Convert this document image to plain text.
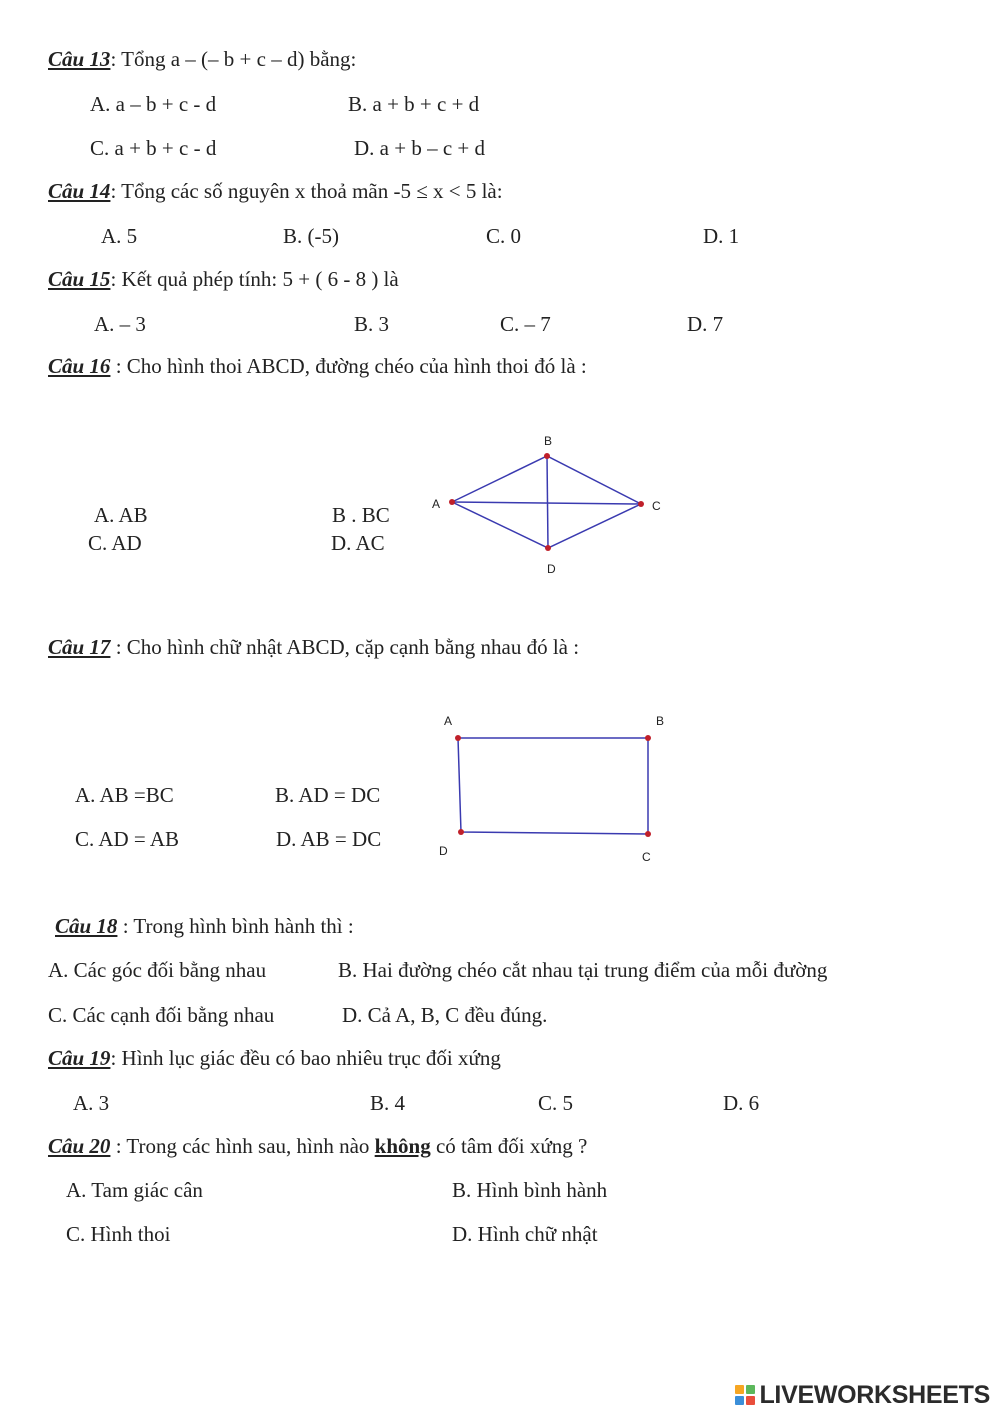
Câu 13: Tổng a – (– b + c – d) bằng:
A. a – b + c - d	B. a + b + c + d
C. a + b + c - d	D. a + b – c + d
Câu 14: Tổng các số nguyên x thoả mãn -5 ≤ x < 5 là:
A. 5	B. (-5)	C. 0	D. 1
Câu 15: Kết quả phép tính: 5 + ( 6 - 8 ) là
A. – 3	B. 3	C. – 7	D. 7
Câu 16 : Cho hình thoi ABCD, đường chéo của hình thoi đó là :
A. AB	B . BC
C. AD	D. AC
B
A	C
D
Câu 17 : Cho hình chữ nhật ABCD, cặp cạnh bằng nhau đó là :
A	B
D	C
A. AB =BC	B. AD = DC
C. AD = AB	D. AB = DC
Câu 18 : Trong hình bình hành thì :
A. Các góc đối bằng nhau	B. Hai đường chéo cắt nhau tại trung điểm của mỗi đường
C. Các cạnh đối bằng nhau	D. Cả A, B, C đều đúng.
Câu 19: Hình lục giác đều có bao nhiêu trục đối xứng
A. 3	B. 4	C. 5	D. 6
Câu 20 : Trong các hình sau, hình nào không có tâm đối xứng ?
A. Tam giác cân	B. Hình bình hành
C. Hình thoi	D. Hình chữ nhật
LIVEWORKSHEETS
